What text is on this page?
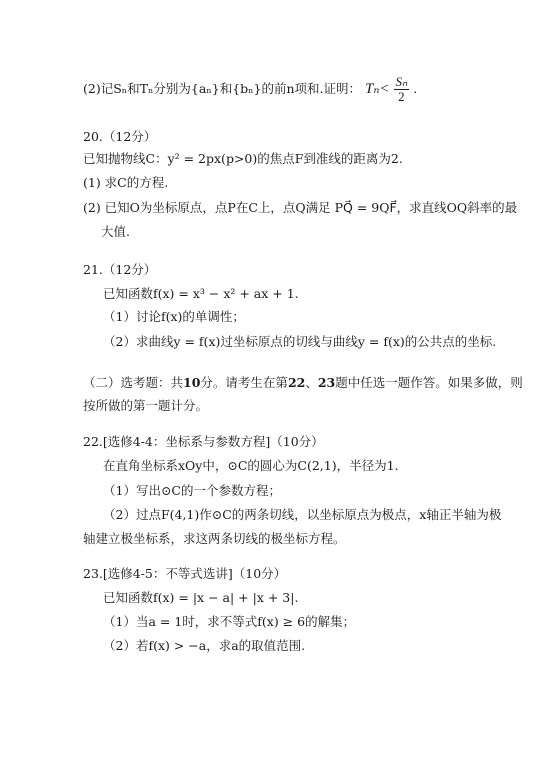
(2)记Sₙ和Tₙ分别为{aₙ}和{bₙ}的前n项和.证明： $T_n< \frac{\text{Sₙ}}{2}$ .
20.（12分）
已知抛物线C：y² = 2px(p>0)的焦点F到准线的距离为2.
(1) 求C的方程.
(2) 已知O为坐标原点，点P在C上，点Q满足 PQ⃗ = 9QF⃗，求直线OQ斜率的最
大值.
21.（12分）
已知函数f(x) = x³ − x² + ax + 1.
（1）讨论f(x)的单调性；
（2）求曲线y = f(x)过坐标原点的切线与曲线y = f(x)的公共点的坐标.
（二）选考题：共10分。请考生在第22、23题中任选一题作答。如果多做，则
按所做的第一题计分。
22.[选修4-4：坐标系与参数方程]（10分）
在直角坐标系xOy中，⊙C的圆心为C(2,1)，半径为1.
（1）写出⊙C的一个参数方程；
（2）过点F(4,1)作⊙C的两条切线，以坐标原点为极点，x轴正半轴为极
轴建立极坐标系，求这两条切线的极坐标方程。
23.[选修4-5：不等式选讲]（10分）
已知函数f(x) = |x − a| + |x + 3|.
（1）当a = 1时，求不等式f(x) ≥ 6的解集；
（2）若f(x) > −a，求a的取值范围.
